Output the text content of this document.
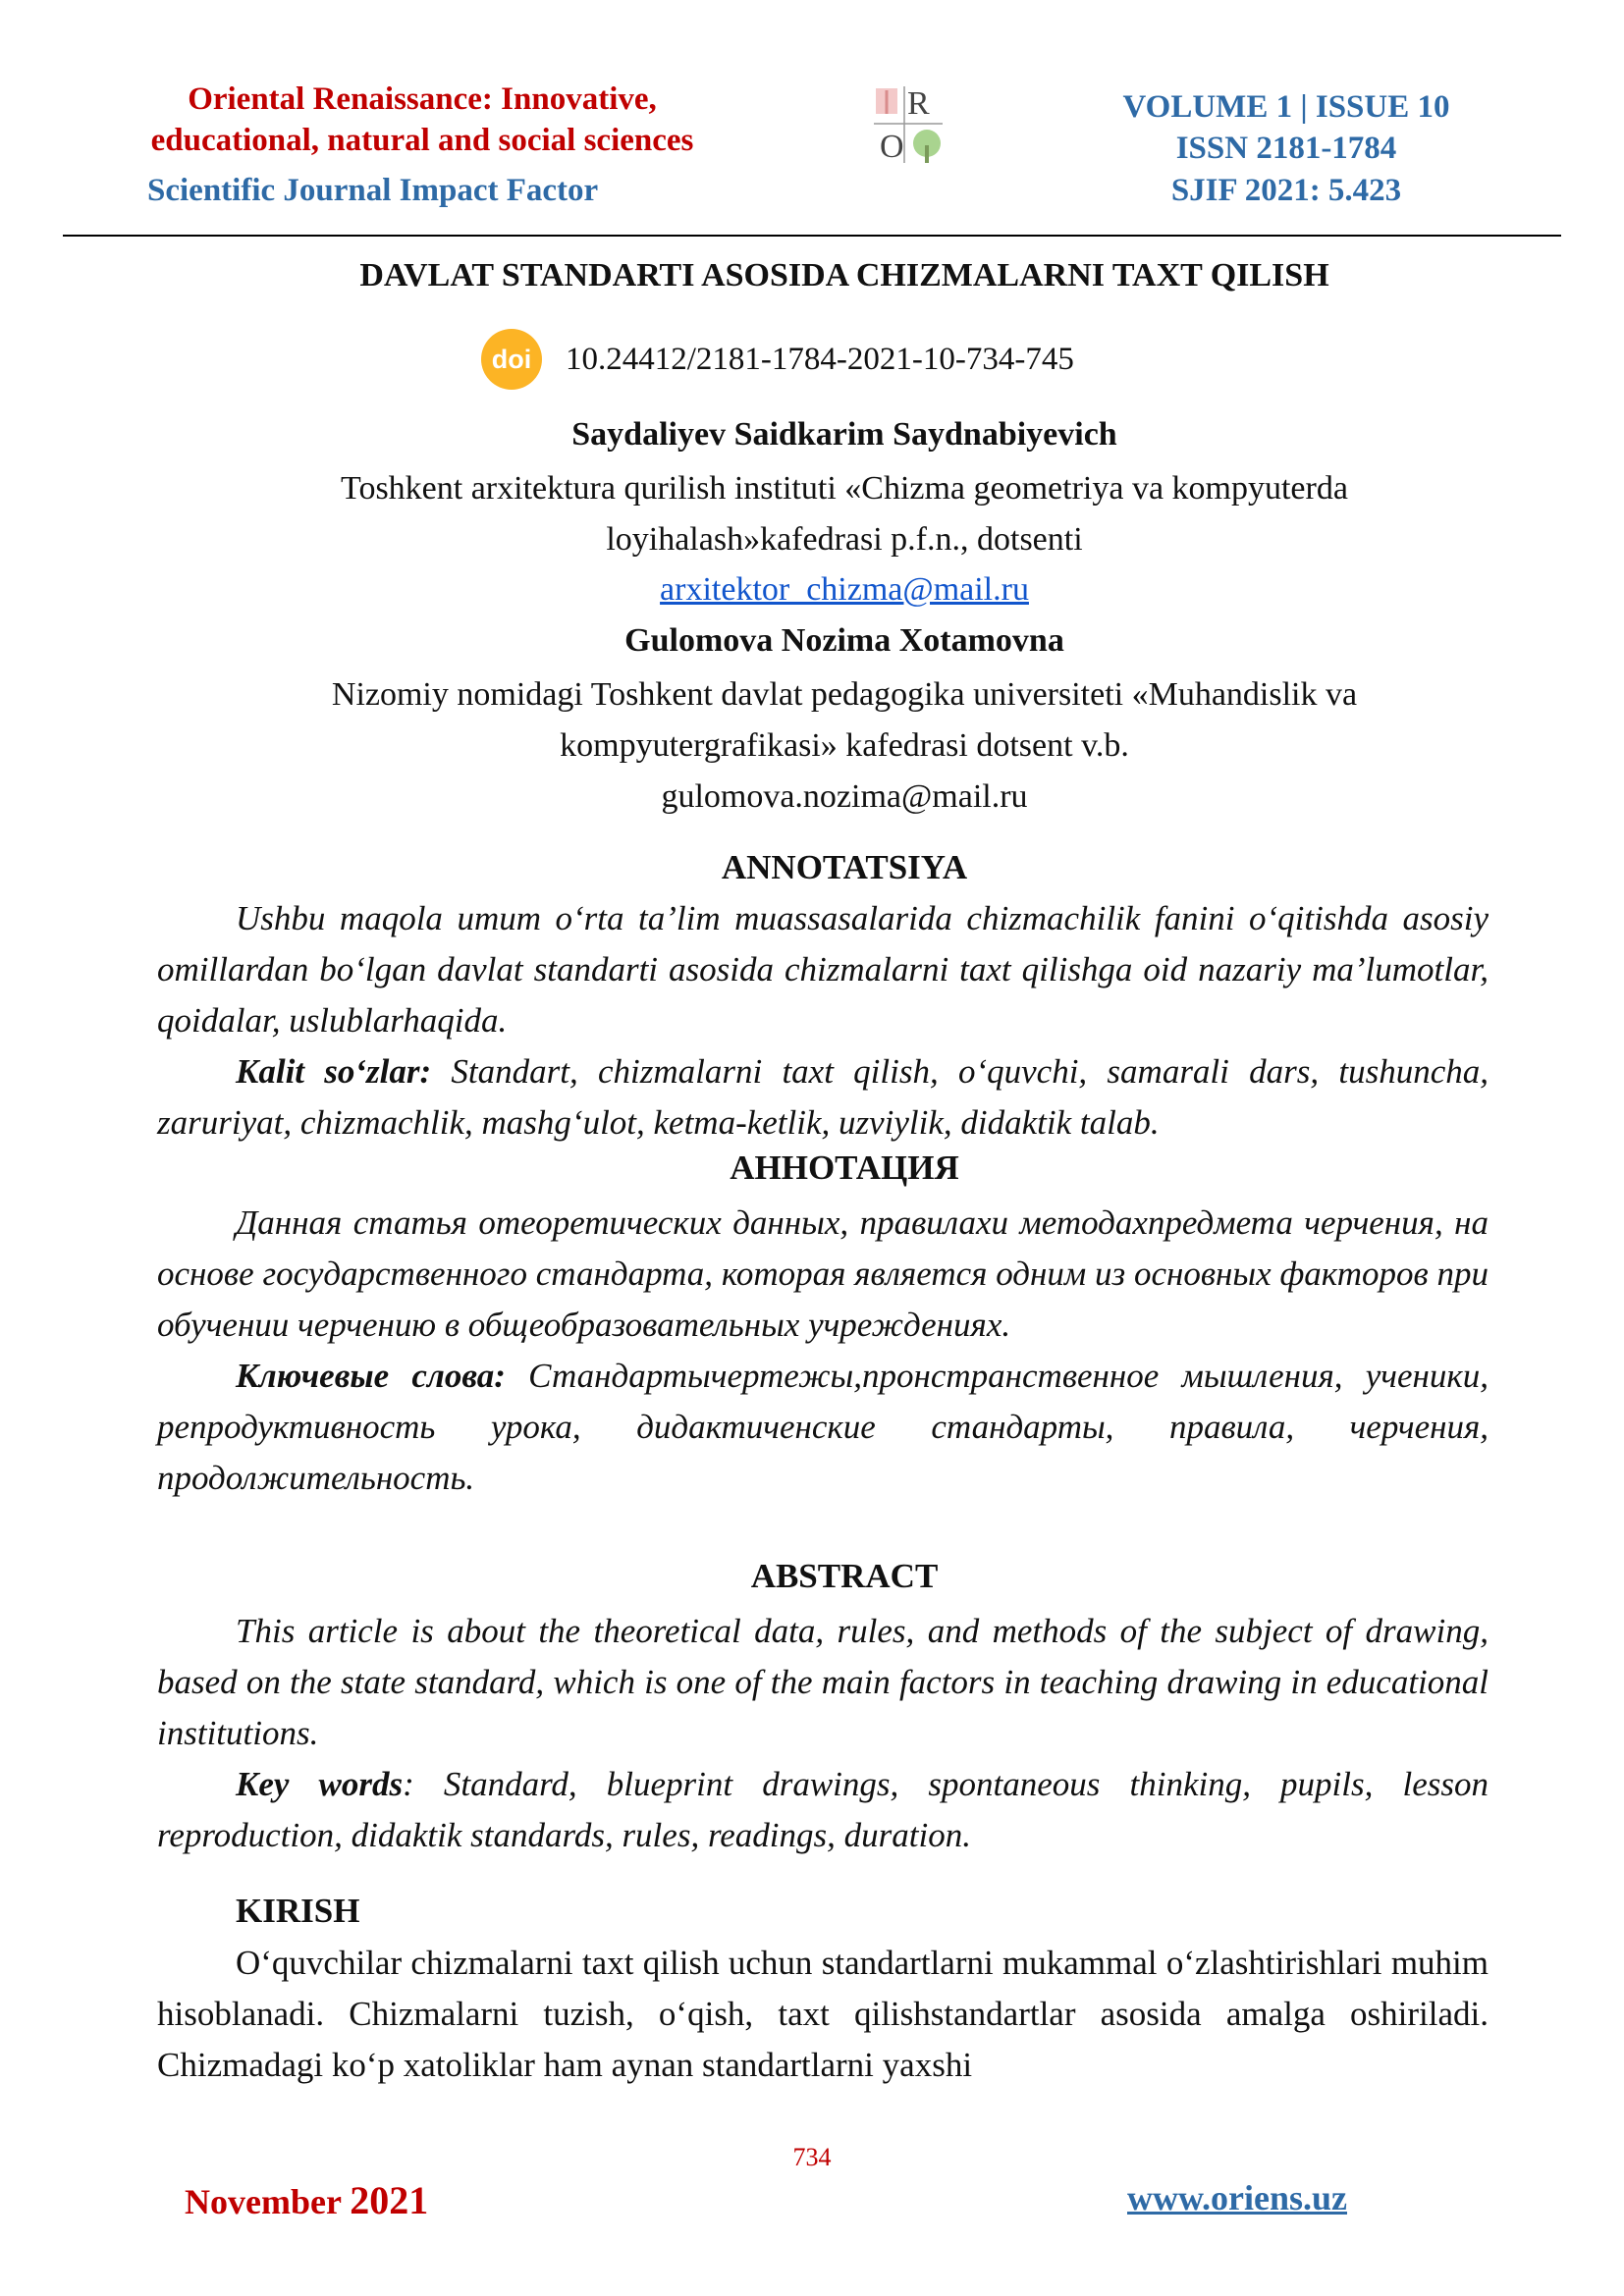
Oriental Renaissance: Innovative,
educational, natural and social sciences
Scientific Journal Impact Factor
R
O
VOLUME 1 | ISSUE 10
ISSN 2181-1784
SJIF 2021: 5.423
DAVLAT STANDARTI ASOSIDA CHIZMALARNI TAXT QILISH
doi	10.24412/2181-1784-2021-10-734-745
Saydaliyev Saidkarim Saydnabiyevich
Toshkent arxitektura qurilish instituti «Chizma geometriya va kompyuterda
loyihalash»kafedrasi p.f.n., dotsenti
arxitektor_chizma@mail.ru
Gulomova Nozima Xotamovna
Nizomiy nomidagi Toshkent davlat pedagogika universiteti «Muhandislik va
kompyutergrafikasi» kafedrasi dotsent v.b.
gulomova.nozima@mail.ru
ANNOTATSIYA

Ushbu maqola umum o‘rta ta’lim muassasalarida chizmachilik fanini o‘qitishda asosiy omillardan bo‘lgan davlat standarti asosida chizmalarni taxt qilishga oid nazariy ma’lumotlar, qoidalar, uslublarhaqida.

Kalit so‘zlar: Standart, chizmalarni taxt qilish, o‘quvchi, samarali dars, tushuncha, zaruriyat, chizmachlik, mashg‘ulot, ketma-ketlik, uzviylik, didaktik talab.

АННОТАЦИЯ

Данная статья отеоретических данных, правилахи методахпредмета черчения, на основе государственного стандарта, которая является одним из основных факторов при обучении черчению в общеобразовательных учреждениях.

Ключевые слова: Стандартычертежы,пронстранственное мышления, ученики, репродуктивность урока, дидактиченские стандарты, правила, черчения, продолжительность.

ABSTRACT

This article is about the theoretical data, rules, and methods of the subject of drawing, based on the state standard, which is one of the main factors in teaching drawing in educational institutions.

Key words: Standard, blueprint drawings, spontaneous thinking, pupils, lesson reproduction, didaktik standards, rules, readings, duration.

KIRISH

O‘quvchilar chizmalarni taxt qilish uchun standartlarni mukammal o‘zlashtirishlari muhim hisoblanadi. Chizmalarni tuzish, o‘qish, taxt qilishstandartlar asosida amalga oshiriladi. Chizmadagi ko‘p xatoliklar ham aynan standartlarni yaxshi

734
November 2021	www.oriens.uz
